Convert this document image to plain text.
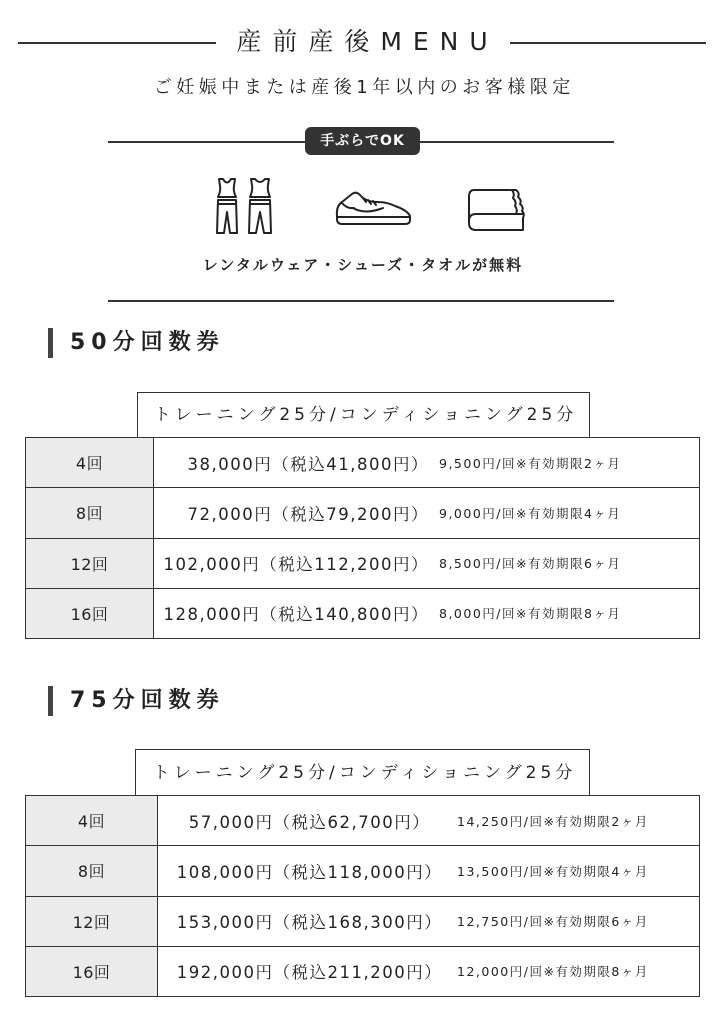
産前産後MENU
ご妊娠中または産後1年以内のお客様限定
手ぶらでOK
レンタルウェア・シューズ・タオルが無料
50分回数券
トレーニング25分/コンディショニング25分
4回	38,000円（税込41,800円） 9,500円/回※有効期限2ヶ月
8回	72,000円（税込79,200円） 9,000円/回※有効期限4ヶ月
12回	102,000円（税込112,200円） 8,500円/回※有効期限6ヶ月
16回	128,000円（税込140,800円） 8,000円/回※有効期限8ヶ月
75分回数券
トレーニング25分/コンディショニング25分
4回	57,000円（税込62,700円）	14,250円/回※有効期限2ヶ月
8回	108,000円（税込118,000円）	13,500円/回※有効期限4ヶ月
12回	153,000円（税込168,300円）	12,750円/回※有効期限6ヶ月
16回	192,000円（税込211,200円）	12,000円/回※有効期限8ヶ月
